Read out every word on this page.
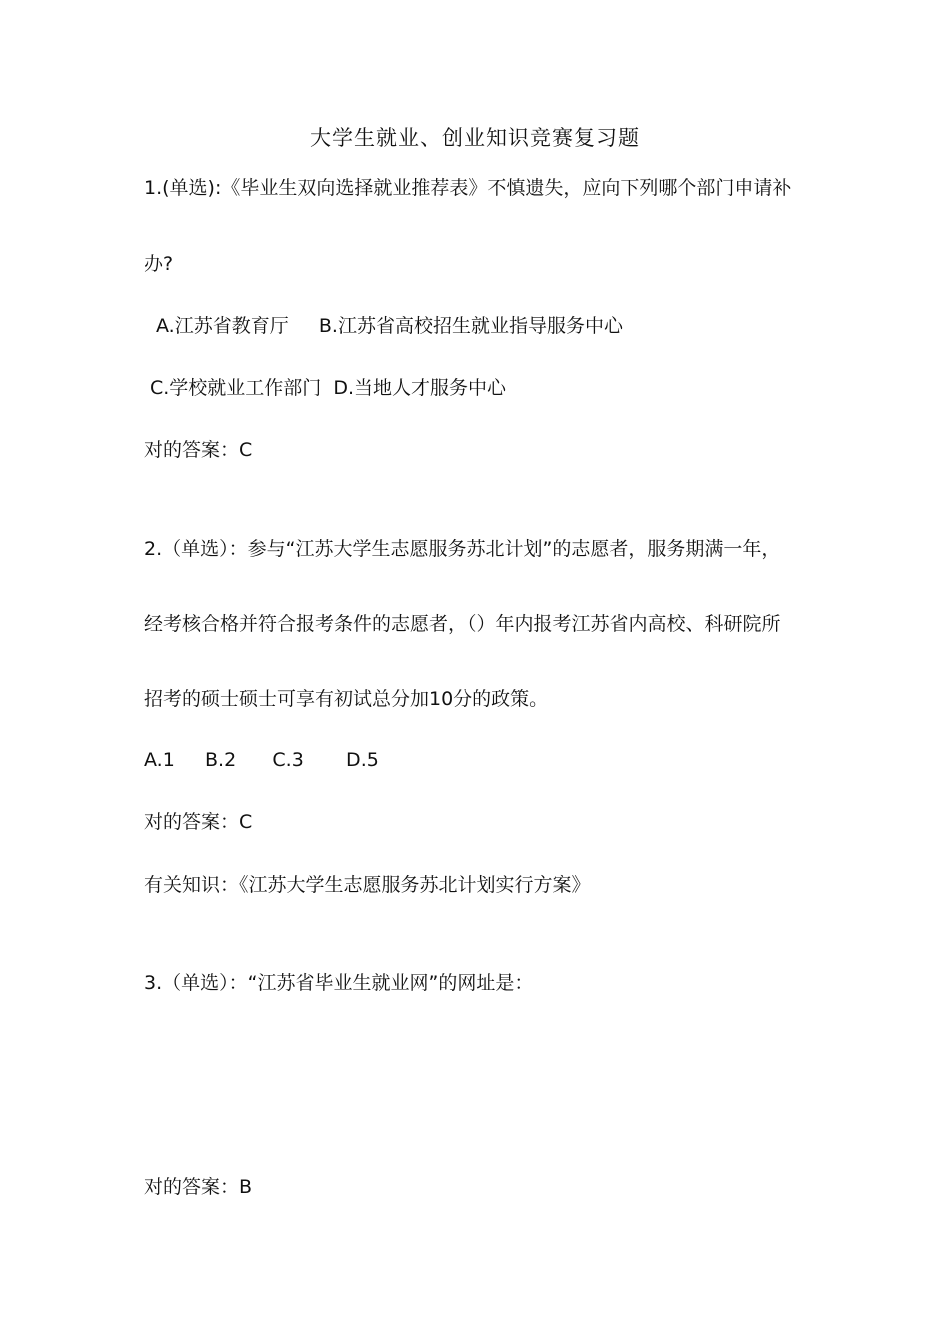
大学生就业、创业知识竞赛复习题
1.(单选):《毕业生双向选择就业推荐表》不慎遗失，应向下列哪个部门申请补
办?
A.江苏省教育厅     B.江苏省高校招生就业指导服务中心
C.学校就业工作部门  D.当地人才服务中心
对的答案：C
2.（单选）：参与“江苏大学生志愿服务苏北计划”的志愿者，服务期满一年，
经考核合格并符合报考条件的志愿者，（）年内报考江苏省内高校、科研院所
招考的硕士硕士可享有初试总分加10分的政策。
A.1     B.2      C.3       D.5
对的答案：C
有关知识：《江苏大学生志愿服务苏北计划实行方案》
3.（单选）：“江苏省毕业生就业网”的网址是：
对的答案：B
